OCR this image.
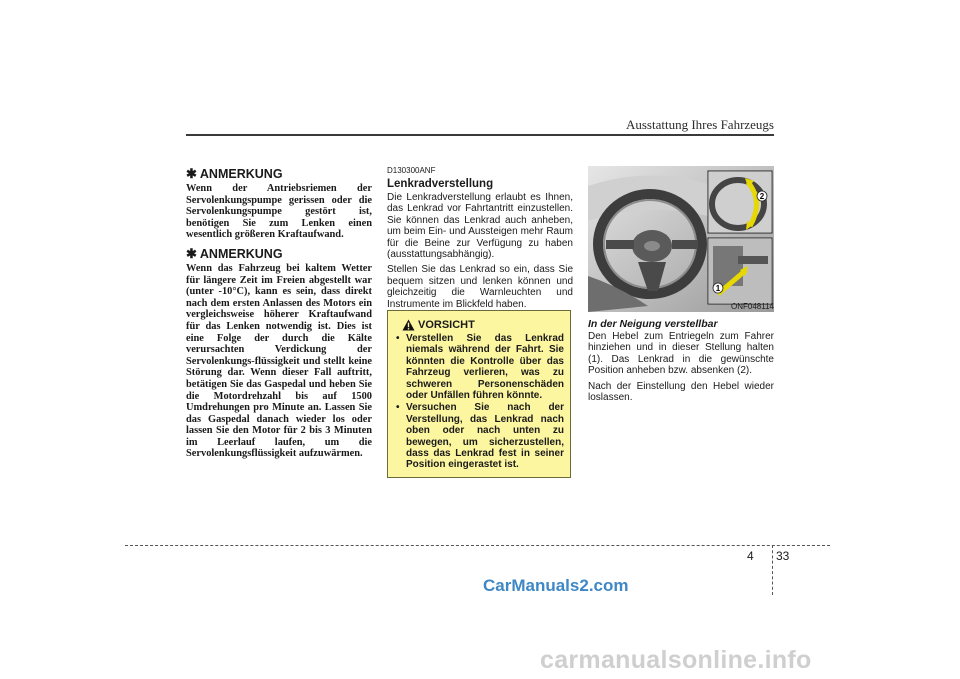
Ausstattung Ihres Fahrzeugs
✱ ANMERKUNG

Wenn der Antriebsriemen der Servolenkungspumpe gerissen oder die Servolenkungspumpe gestört ist, benötigen Sie zum Lenken einen wesentlich größeren Kraftaufwand.

✱ ANMERKUNG

Wenn das Fahrzeug bei kaltem Wetter für längere Zeit im Freien abgestellt war (unter -10°C), kann es sein, dass direkt nach dem ersten Anlassen des Motors ein vergleichsweise höherer Kraftaufwand für das Lenken notwendig ist. Dies ist eine Folge der durch die Kälte verursachten Verdickung der Servolenkungs-flüssigkeit und stellt keine Störung dar. Wenn dieser Fall auftritt, betätigen Sie das Gaspedal und heben Sie die Motordrehzahl bis auf 1500 Umdrehungen pro Minute an. Lassen Sie das Gaspedal danach wieder los oder lassen Sie den Motor für 2 bis 3 Minuten im Leerlauf laufen, um die Servolenkungsflüssigkeit aufzuwärmen.

D130300ANF

Lenkradverstellung

Die Lenkradverstellung erlaubt es Ihnen, das Lenkrad vor Fahrtantritt einzustellen. Sie können das Lenkrad auch anheben, um beim Ein- und Aussteigen mehr Raum für die Beine zur Verfügung zu haben (ausstattungsabhängig).

Stellen Sie das Lenkrad so ein, dass Sie bequem sitzen und lenken können und gleichzeitig die Warnleuchten und Instrumente im Blickfeld haben.

VORSICHT
• Verstellen Sie das Lenkrad niemals während der Fahrt. Sie könnten die Kontrolle über das Fahrzeug verlieren, was zu schweren Personenschäden oder Unfällen führen könnte.
• Versuchen Sie nach der Verstellung, das Lenkrad nach oben oder nach unten zu bewegen, um sicherzustellen, dass das Lenkrad fest in seiner Position eingerastet ist.
2
1
ONF048114

In der Neigung verstellbar

Den Hebel zum Entriegeln zum Fahrer hinziehen und in dieser Stellung halten (1). Das Lenkrad in die gewünschte Position anheben bzw. absenken (2).

Nach der Einstellung den Hebel wieder loslassen.

4 33
CarManuals2.com
carmanualsonline.info
